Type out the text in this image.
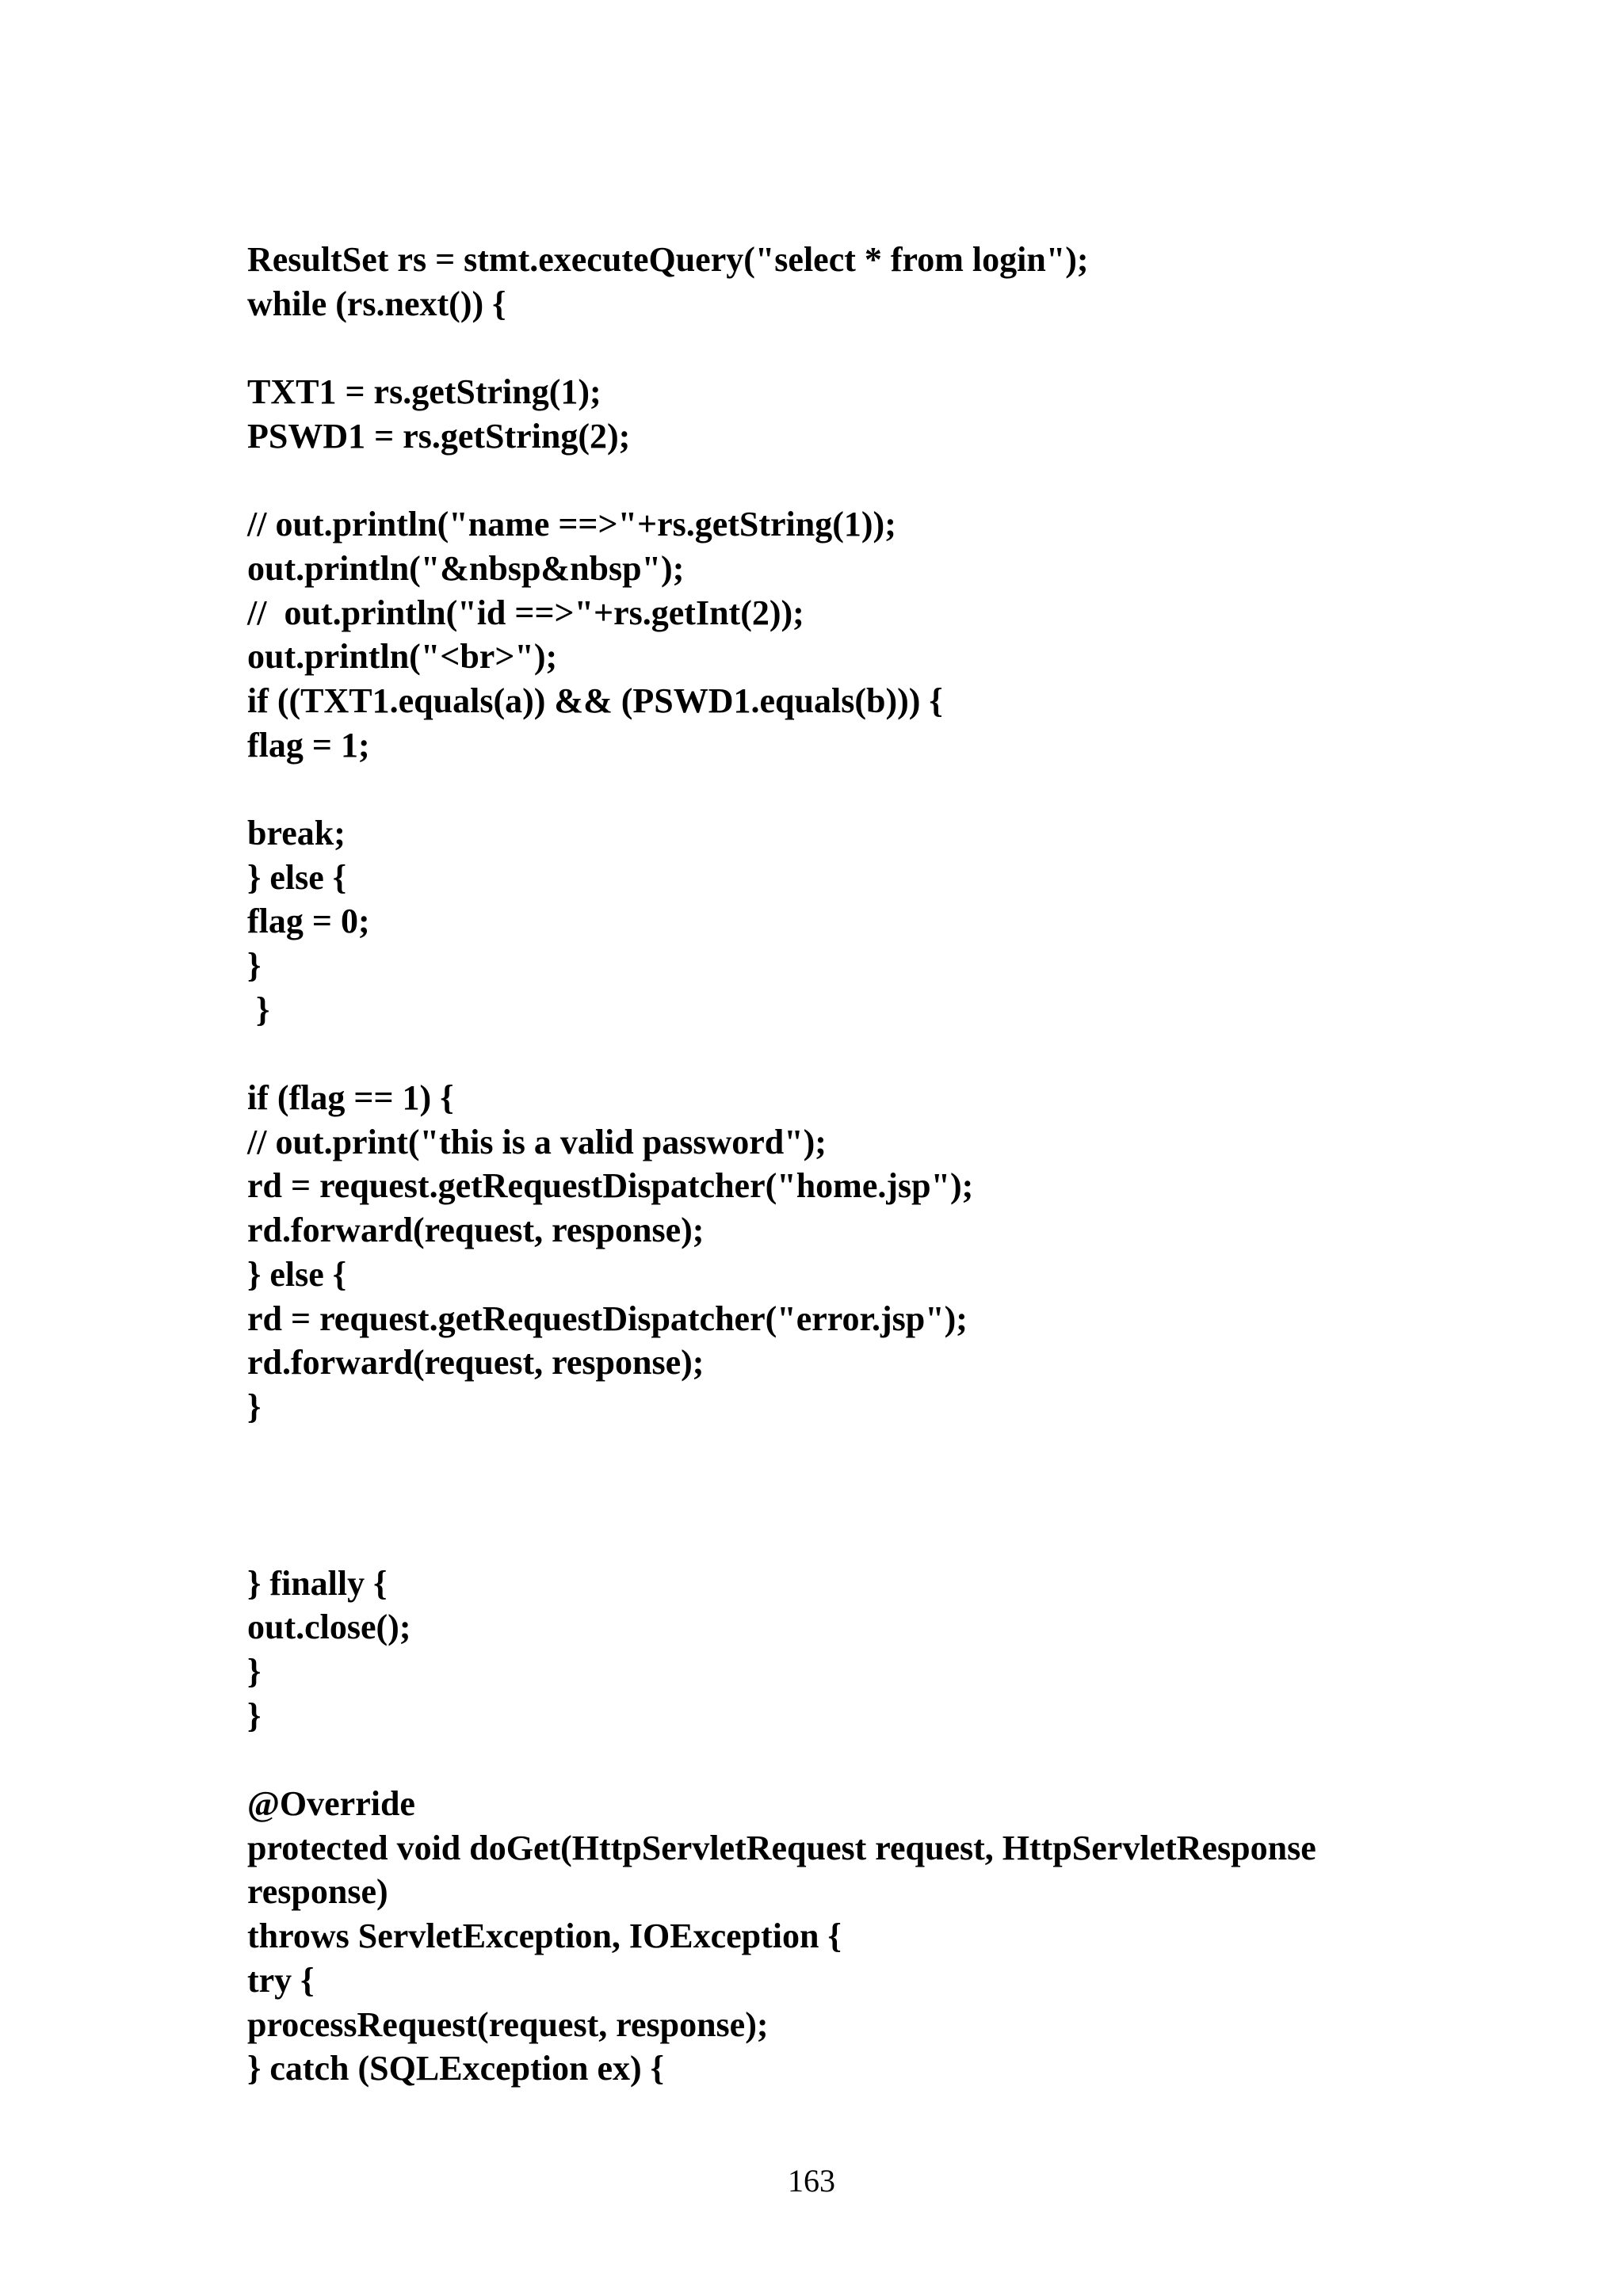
ResultSet rs = stmt.executeQuery("select * from login");
while (rs.next()) {
TXT1 = rs.getString(1);
PSWD1 = rs.getString(2);
// out.println("name ==>"+rs.getString(1));
out.println("&nbsp&nbsp");
//  out.println("id ==>"+rs.getInt(2));
out.println("<br>");
if ((TXT1.equals(a)) && (PSWD1.equals(b))) {
flag = 1;
break;
} else {
flag = 0;
}
}
if (flag == 1) {
// out.print("this is a valid password");
rd = request.getRequestDispatcher("home.jsp");
rd.forward(request, response);
} else {
rd = request.getRequestDispatcher("error.jsp");
rd.forward(request, response);
}
} finally {
out.close();
}
}
@Override
protected void doGet(HttpServletRequest request, HttpServletResponse
response)
throws ServletException, IOException {
try {
processRequest(request, response);
} catch (SQLException ex) {
163
